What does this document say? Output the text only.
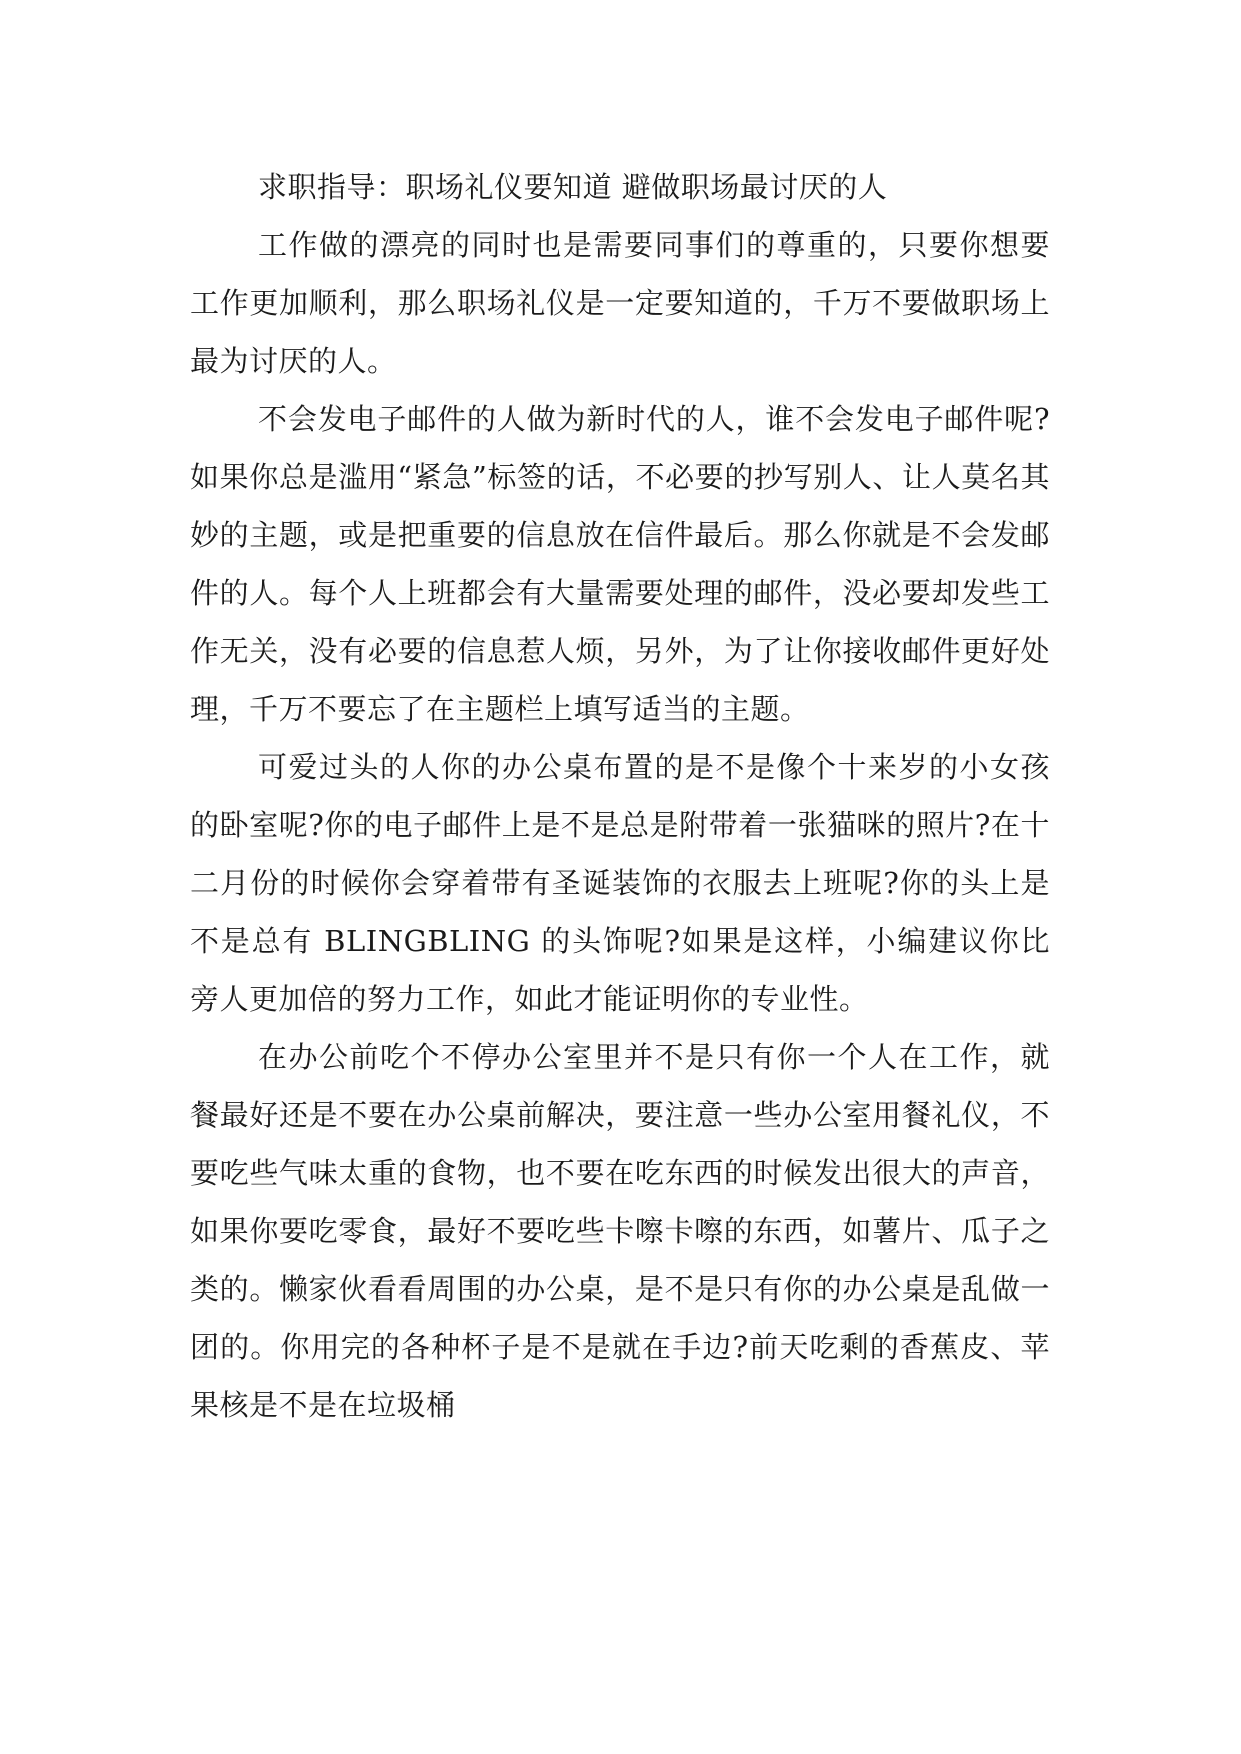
求职指导：职场礼仪要知道 避做职场最讨厌的人

工作做的漂亮的同时也是需要同事们的尊重的，只要你想要工作更加顺利，那么职场礼仪是一定要知道的，千万不要做职场上最为讨厌的人。

不会发电子邮件的人做为新时代的人，谁不会发电子邮件呢?如果你总是滥用“紧急”标签的话，不必要的抄写别人、让人莫名其妙的主题，或是把重要的信息放在信件最后。那么你就是不会发邮件的人。每个人上班都会有大量需要处理的邮件，没必要却发些工作无关，没有必要的信息惹人烦，另外，为了让你接收邮件更好处理，千万不要忘了在主题栏上填写适当的主题。

可爱过头的人你的办公桌布置的是不是像个十来岁的小女孩的卧室呢?你的电子邮件上是不是总是附带着一张猫咪的照片?在十二月份的时候你会穿着带有圣诞装饰的衣服去上班呢?你的头上是不是总有 BLINGBLING 的头饰呢?如果是这样，小编建议你比旁人更加倍的努力工作，如此才能证明你的专业性。

在办公前吃个不停办公室里并不是只有你一个人在工作，就餐最好还是不要在办公桌前解决，要注意一些办公室用餐礼仪，不要吃些气味太重的食物，也不要在吃东西的时候发出很大的声音，如果你要吃零食，最好不要吃些卡嚓卡嚓的东西，如薯片、瓜子之类的。懒家伙看看周围的办公桌，是不是只有你的办公桌是乱做一团的。你用完的各种杯子是不是就在手边?前天吃剩的香蕉皮、苹果核是不是在垃圾桶
